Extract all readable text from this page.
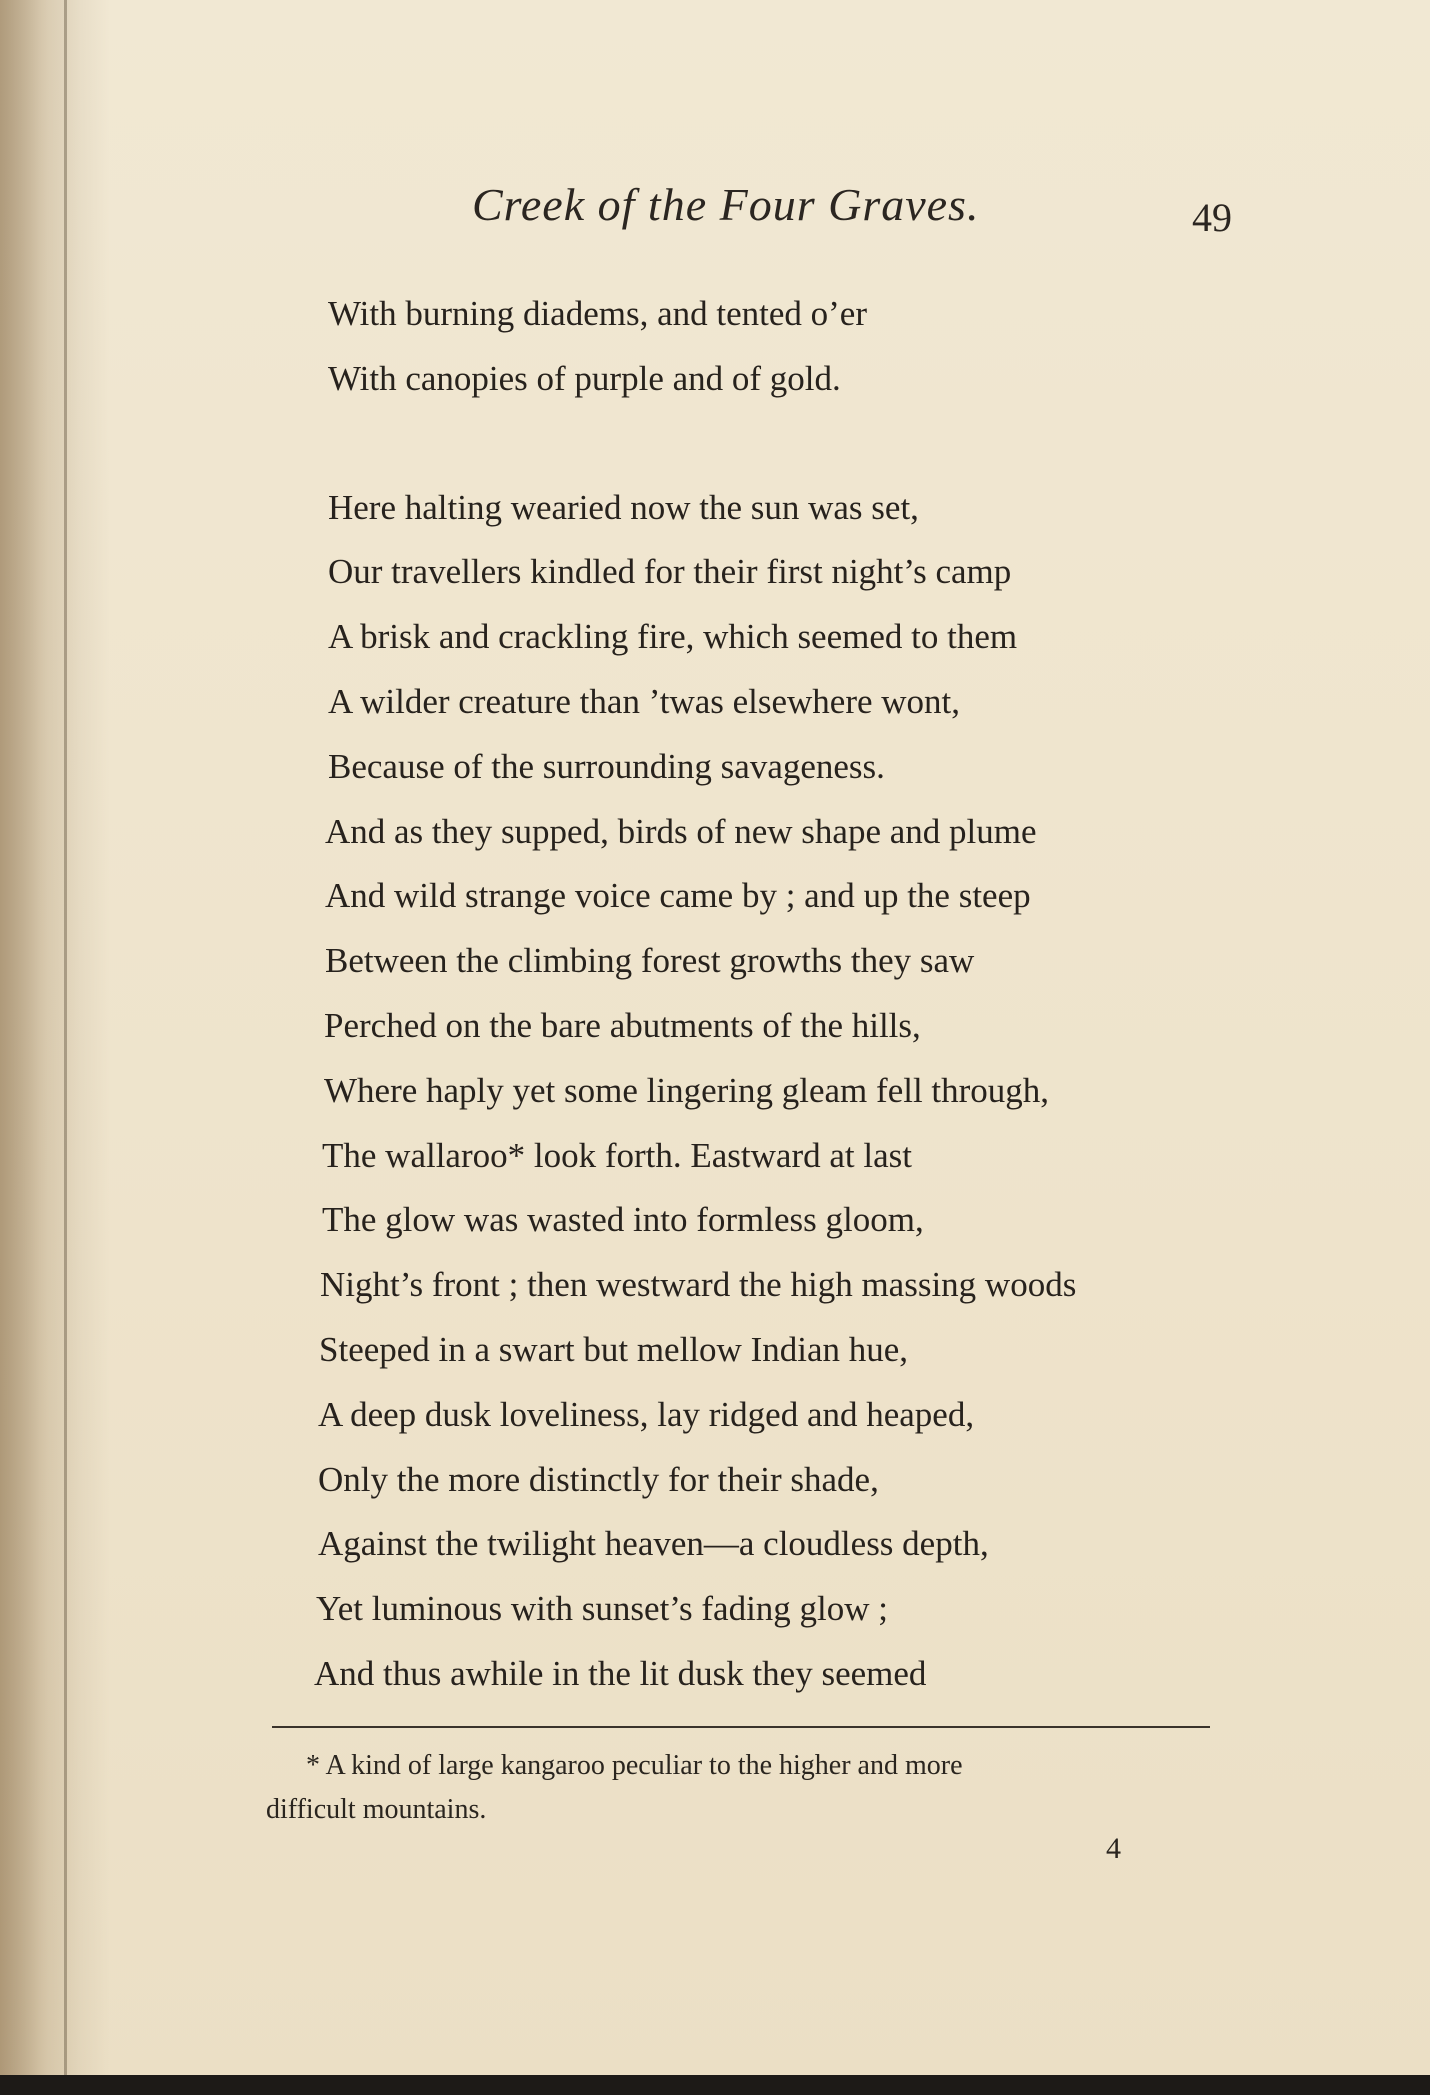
Creek of the Four Graves.	49
With burning diadems, and tented o’er
With canopies of purple and of gold.
Here halting wearied now the sun was set,
Our travellers kindled for their first night’s camp
A brisk and crackling fire, which seemed to them
A wilder creature than ’twas elsewhere wont,
Because of the surrounding savageness.
And as they supped, birds of new shape and plume
And wild strange voice came by ; and up the steep
Between the climbing forest growths they saw
Perched on the bare abutments of the hills,
Where haply yet some lingering gleam fell through,
The wallaroo* look forth. Eastward at last
The glow was wasted into formless gloom,
Night’s front ; then westward the high massing woods
Steeped in a swart but mellow Indian hue,
A deep dusk loveliness, lay ridged and heaped,
Only the more distinctly for their shade,
Against the twilight heaven—a cloudless depth,
Yet luminous with sunset’s fading glow ;
And thus awhile in the lit dusk they seemed
* A kind of large kangaroo peculiar to the higher and more
difficult mountains.
4
